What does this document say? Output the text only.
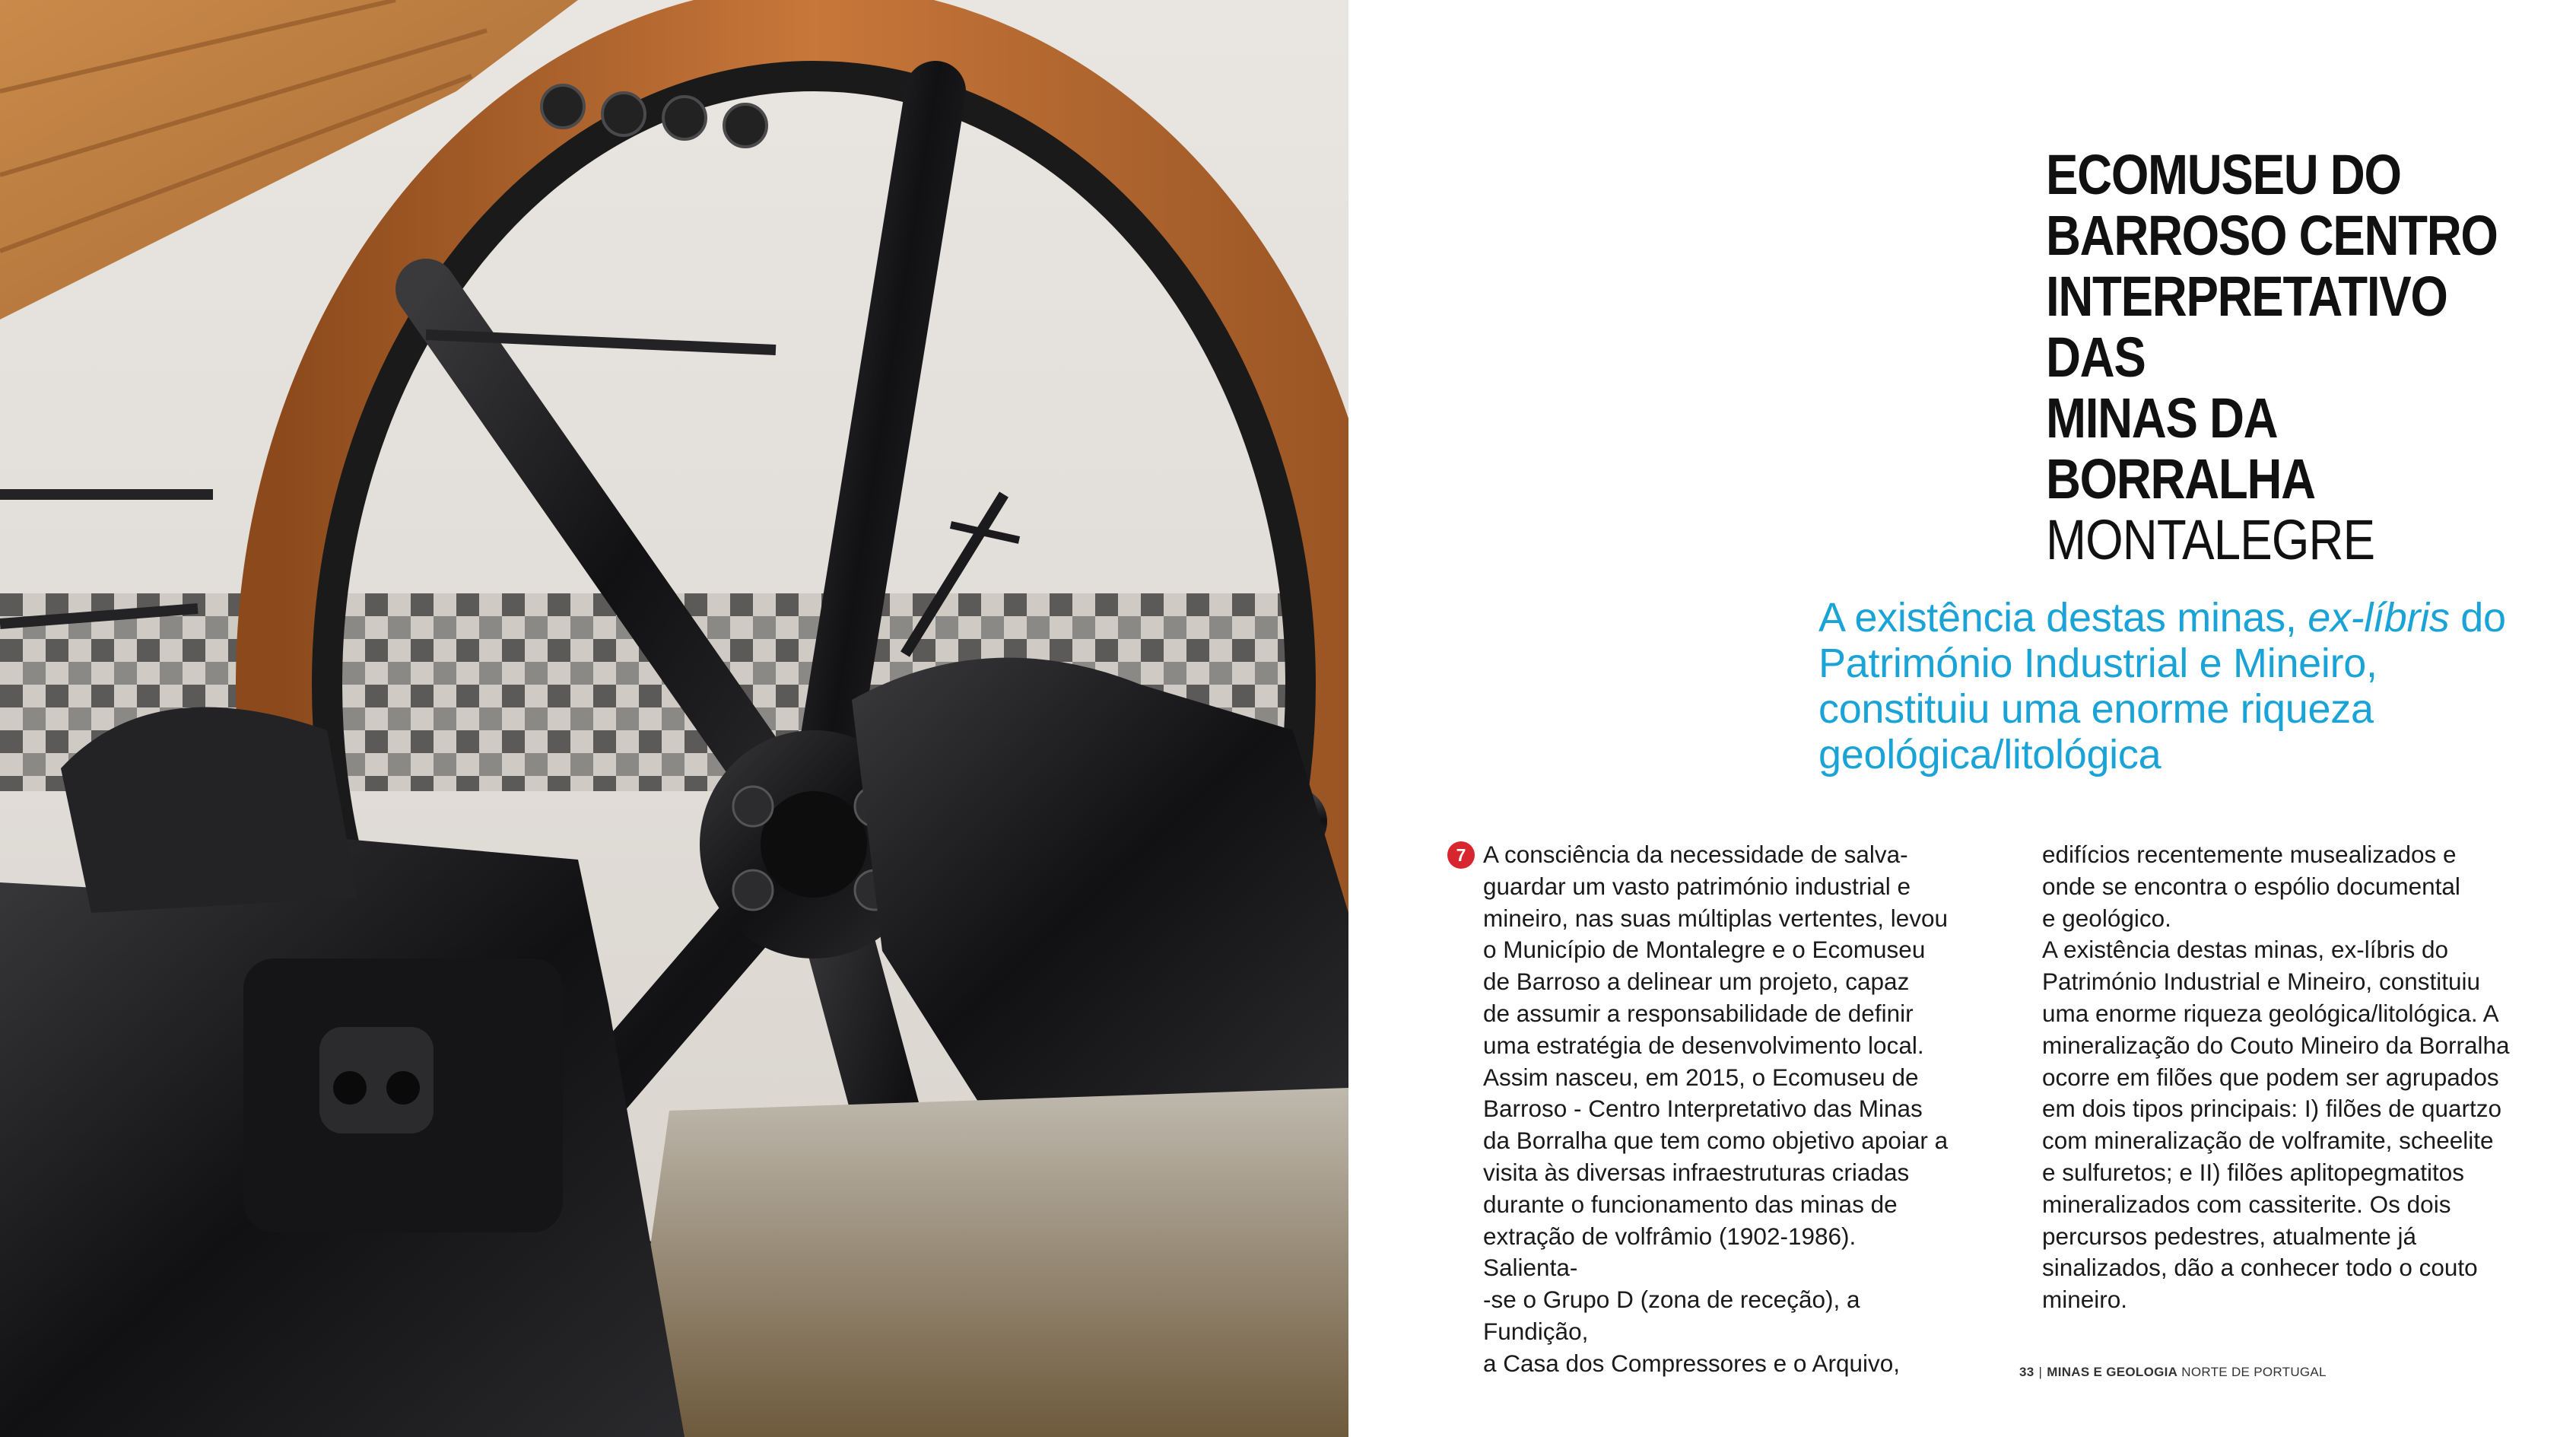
ECOMUSEU DO
BARROSO CENTRO
INTERPRETATIVO DAS
MINAS DA BORRALHA
MONTALEGRE
A existência destas minas, ex-líbris do Património Industrial e Mineiro, constituiu uma enorme riqueza geológica/litológica
7 A consciência da necessidade de salva-
guardar um vasto património industrial e
mineiro, nas suas múltiplas vertentes, levou
o Município de Montalegre e o Ecomuseu
de Barroso a delinear um projeto, capaz
de assumir a responsabilidade de definir
uma estratégia de desenvolvimento local.
Assim nasceu, em 2015, o Ecomuseu de
Barroso - Centro Interpretativo das Minas
da Borralha que tem como objetivo apoiar a
visita às diversas infraestruturas criadas
durante o funcionamento das minas de
extração de volfrâmio (1902-1986). Salienta-
-se o Grupo D (zona de receção), a Fundição,
a Casa dos Compressores e o Arquivo,
edifícios recentemente musealizados e
onde se encontra o espólio documental
e geológico.
A existência destas minas, ex-líbris do
Património Industrial e Mineiro, constituiu
uma enorme riqueza geológica/litológica. A
mineralização do Couto Mineiro da Borralha
ocorre em filões que podem ser agrupados
em dois tipos principais: I) filões de quartzo
com mineralização de volframite, scheelite
e sulfuretos; e II) filões aplitopegmatitos
mineralizados com cassiterite. Os dois
percursos pedestres, atualmente já
sinalizados, dão a conhecer todo o couto
mineiro.
33 | MINAS E GEOLOGIA NORTE DE PORTUGAL
